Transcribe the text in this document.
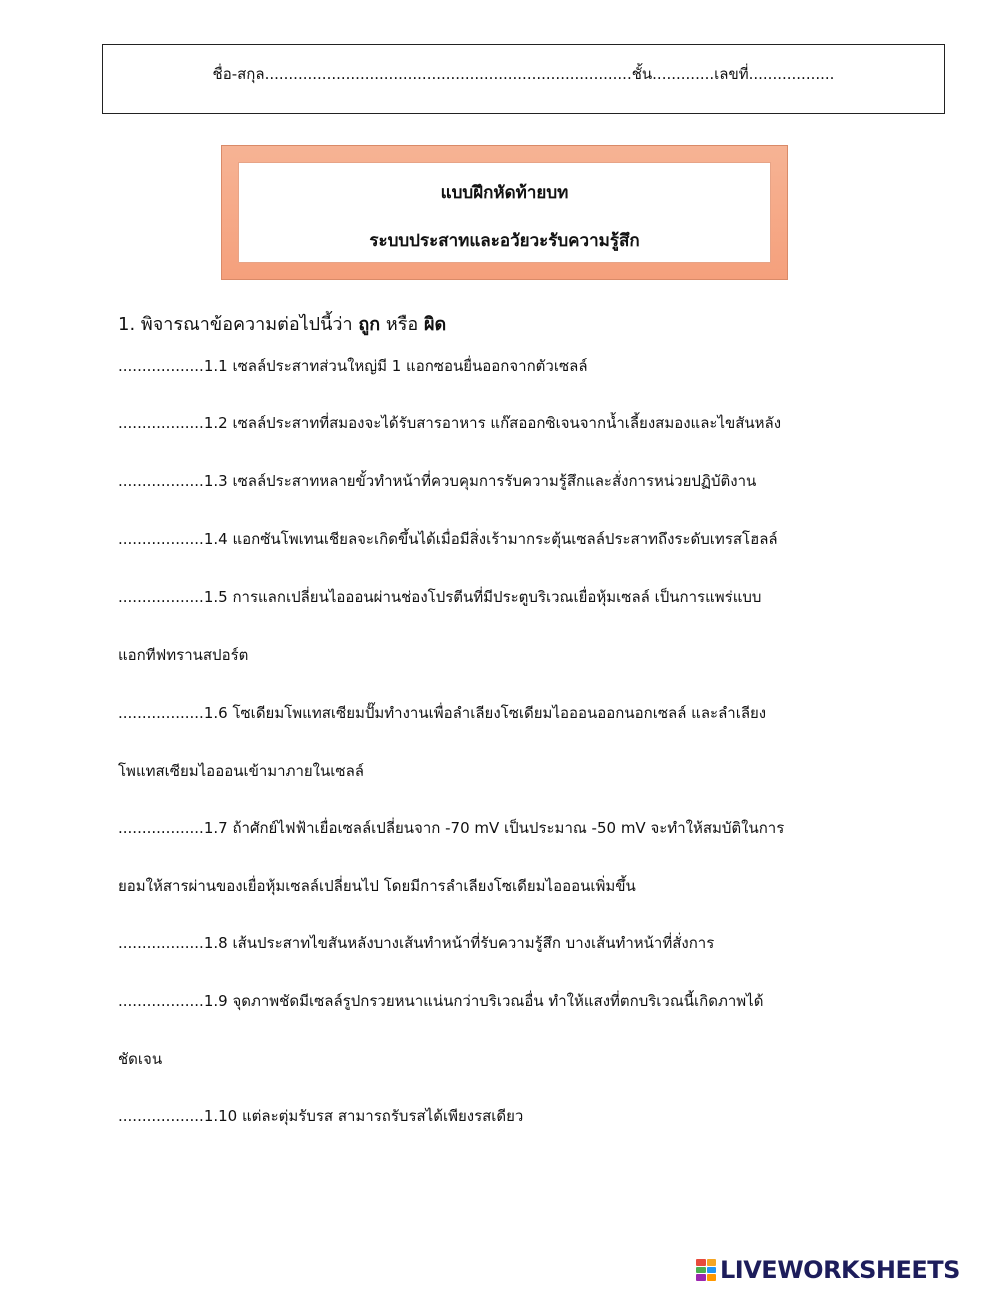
ชื่อ-สกุล.............................................................................ชั้น.............เลขที่..................
แบบฝึกหัดท้ายบท
ระบบประสาทและอวัยวะรับความรู้สึก
1. พิจารณาข้อความต่อไปนี้ว่า ถูก หรือ ผิด
..................1.1 เซลล์ประสาทส่วนใหญ่มี 1 แอกซอนยื่นออกจากตัวเซลล์
..................1.2 เซลล์ประสาทที่สมองจะได้รับสารอาหาร แก๊สออกซิเจนจากน้ำเลี้ยงสมองและไขสันหลัง
..................1.3 เซลล์ประสาทหลายขั้วทำหน้าที่ควบคุมการรับความรู้สึกและสั่งการหน่วยปฏิบัติงาน
..................1.4 แอกซันโพเทนเชียลจะเกิดขึ้นได้เมื่อมีสิ่งเร้ามากระตุ้นเซลล์ประสาทถึงระดับเทรสโฮลล์
..................1.5 การแลกเปลี่ยนไอออนผ่านช่องโปรตีนที่มีประตูบริเวณเยื่อหุ้มเซลล์ เป็นการแพร่แบบ
แอกทีฟทรานสปอร์ต
..................1.6 โซเดียมโพแทสเซียมปั๊มทำงานเพื่อลำเลียงโซเดียมไอออนออกนอกเซลล์ และลำเลียง
โพแทสเซียมไอออนเข้ามาภายในเซลล์
..................1.7 ถ้าศักย์ไฟฟ้าเยื่อเซลล์เปลี่ยนจาก -70 mV เป็นประมาณ -50 mV จะทำให้สมบัติในการ
ยอมให้สารผ่านของเยื่อหุ้มเซลล์เปลี่ยนไป โดยมีการลำเลียงโซเดียมไอออนเพิ่มขึ้น
..................1.8 เส้นประสาทไขสันหลังบางเส้นทำหน้าที่รับความรู้สึก บางเส้นทำหน้าที่สั่งการ
..................1.9 จุดภาพชัดมีเซลล์รูปกรวยหนาแน่นกว่าบริเวณอื่น ทำให้แสงที่ตกบริเวณนี้เกิดภาพได้
ชัดเจน
..................1.10 แต่ละตุ่มรับรส สามารถรับรสได้เพียงรสเดียว
LIVEWORKSHEETS
